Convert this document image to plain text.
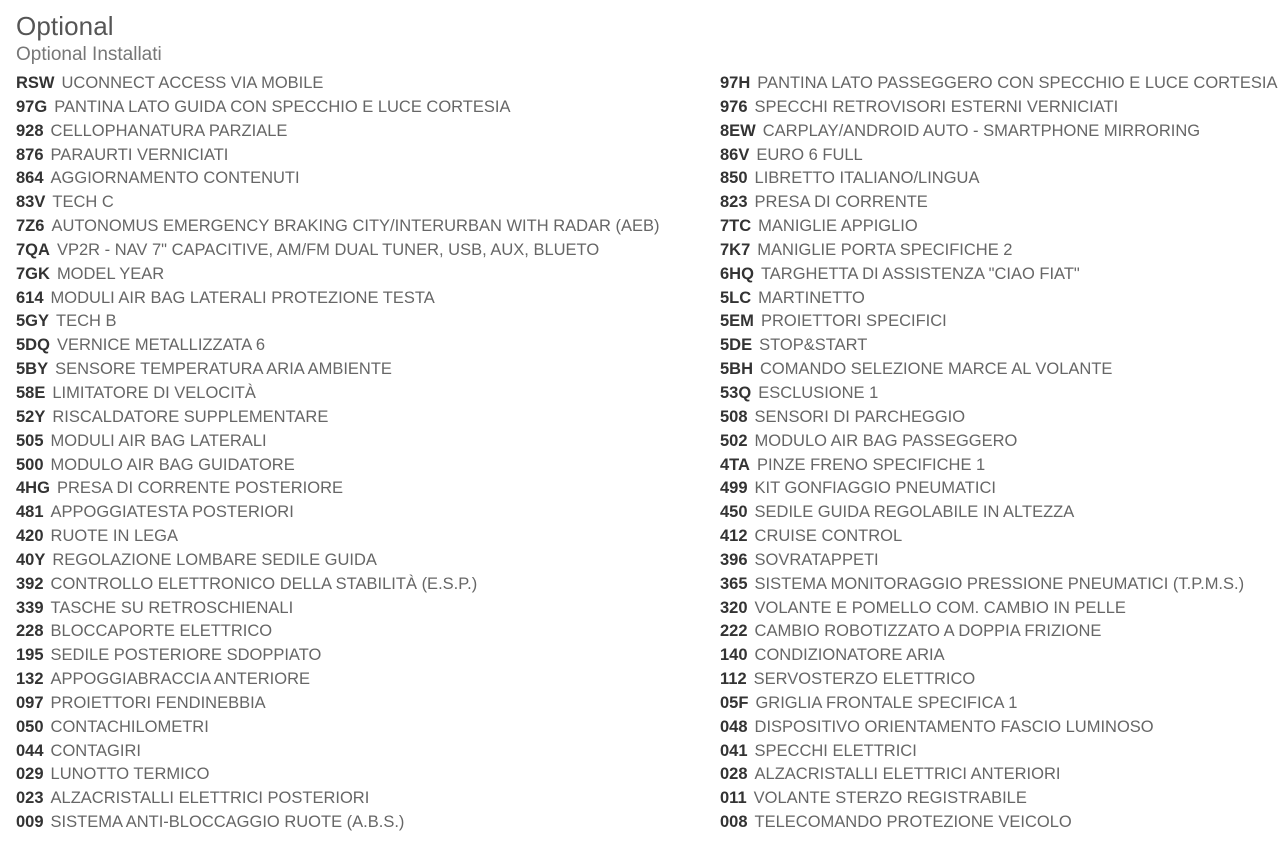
Optional
Optional Installati
RSW UCONNECT ACCESS VIA MOBILE
97G PANTINA LATO GUIDA CON SPECCHIO E LUCE CORTESIA
928 CELLOPHANATURA PARZIALE
876 PARAURTI VERNICIATI
864 AGGIORNAMENTO CONTENUTI
83V TECH C
7Z6 AUTONOMUS EMERGENCY BRAKING CITY/INTERURBAN WITH RADAR (AEB)
7QA VP2R - NAV 7" CAPACITIVE, AM/FM DUAL TUNER, USB, AUX, BLUETO
7GK MODEL YEAR
614 MODULI AIR BAG LATERALI PROTEZIONE TESTA
5GY TECH B
5DQ VERNICE METALLIZZATA 6
5BY SENSORE TEMPERATURA ARIA AMBIENTE
58E LIMITATORE DI VELOCITÀ
52Y RISCALDATORE SUPPLEMENTARE
505 MODULI AIR BAG LATERALI
500 MODULO AIR BAG GUIDATORE
4HG PRESA DI CORRENTE POSTERIORE
481 APPOGGIATESTA POSTERIORI
420 RUOTE IN LEGA
40Y REGOLAZIONE LOMBARE SEDILE GUIDA
392 CONTROLLO ELETTRONICO DELLA STABILITÀ (E.S.P.)
339 TASCHE SU RETROSCHIENALI
228 BLOCCAPORTE ELETTRICO
195 SEDILE POSTERIORE SDOPPIATO
132 APPOGGIABRACCIA ANTERIORE
097 PROIETTORI FENDINEBBIA
050 CONTACHILOMETRI
044 CONTAGIRI
029 LUNOTTO TERMICO
023 ALZACRISTALLI ELETTRICI POSTERIORI
009 SISTEMA ANTI-BLOCCAGGIO RUOTE (A.B.S.)
97H PANTINA LATO PASSEGGERO CON SPECCHIO E LUCE CORTESIA
976 SPECCHI RETROVISORI ESTERNI VERNICIATI
8EW CARPLAY/ANDROID AUTO - SMARTPHONE MIRRORING
86V EURO 6 FULL
850 LIBRETTO ITALIANO/LINGUA
823 PRESA DI CORRENTE
7TC MANIGLIE APPIGLIO
7K7 MANIGLIE PORTA SPECIFICHE 2
6HQ TARGHETTA DI ASSISTENZA "CIAO FIAT"
5LC MARTINETTO
5EM PROIETTORI SPECIFICI
5DE STOP&START
5BH COMANDO SELEZIONE MARCE AL VOLANTE
53Q ESCLUSIONE 1
508 SENSORI DI PARCHEGGIO
502 MODULO AIR BAG PASSEGGERO
4TA PINZE FRENO SPECIFICHE 1
499 KIT GONFIAGGIO PNEUMATICI
450 SEDILE GUIDA REGOLABILE IN ALTEZZA
412 CRUISE CONTROL
396 SOVRATAPPETI
365 SISTEMA MONITORAGGIO PRESSIONE PNEUMATICI (T.P.M.S.)
320 VOLANTE E POMELLO COM. CAMBIO IN PELLE
222 CAMBIO ROBOTIZZATO A DOPPIA FRIZIONE
140 CONDIZIONATORE ARIA
112 SERVOSTERZO ELETTRICO
05F GRIGLIA FRONTALE SPECIFICA 1
048 DISPOSITIVO ORIENTAMENTO FASCIO LUMINOSO
041 SPECCHI ELETTRICI
028 ALZACRISTALLI ELETTRICI ANTERIORI
011 VOLANTE STERZO REGISTRABILE
008 TELECOMANDO PROTEZIONE VEICOLO
